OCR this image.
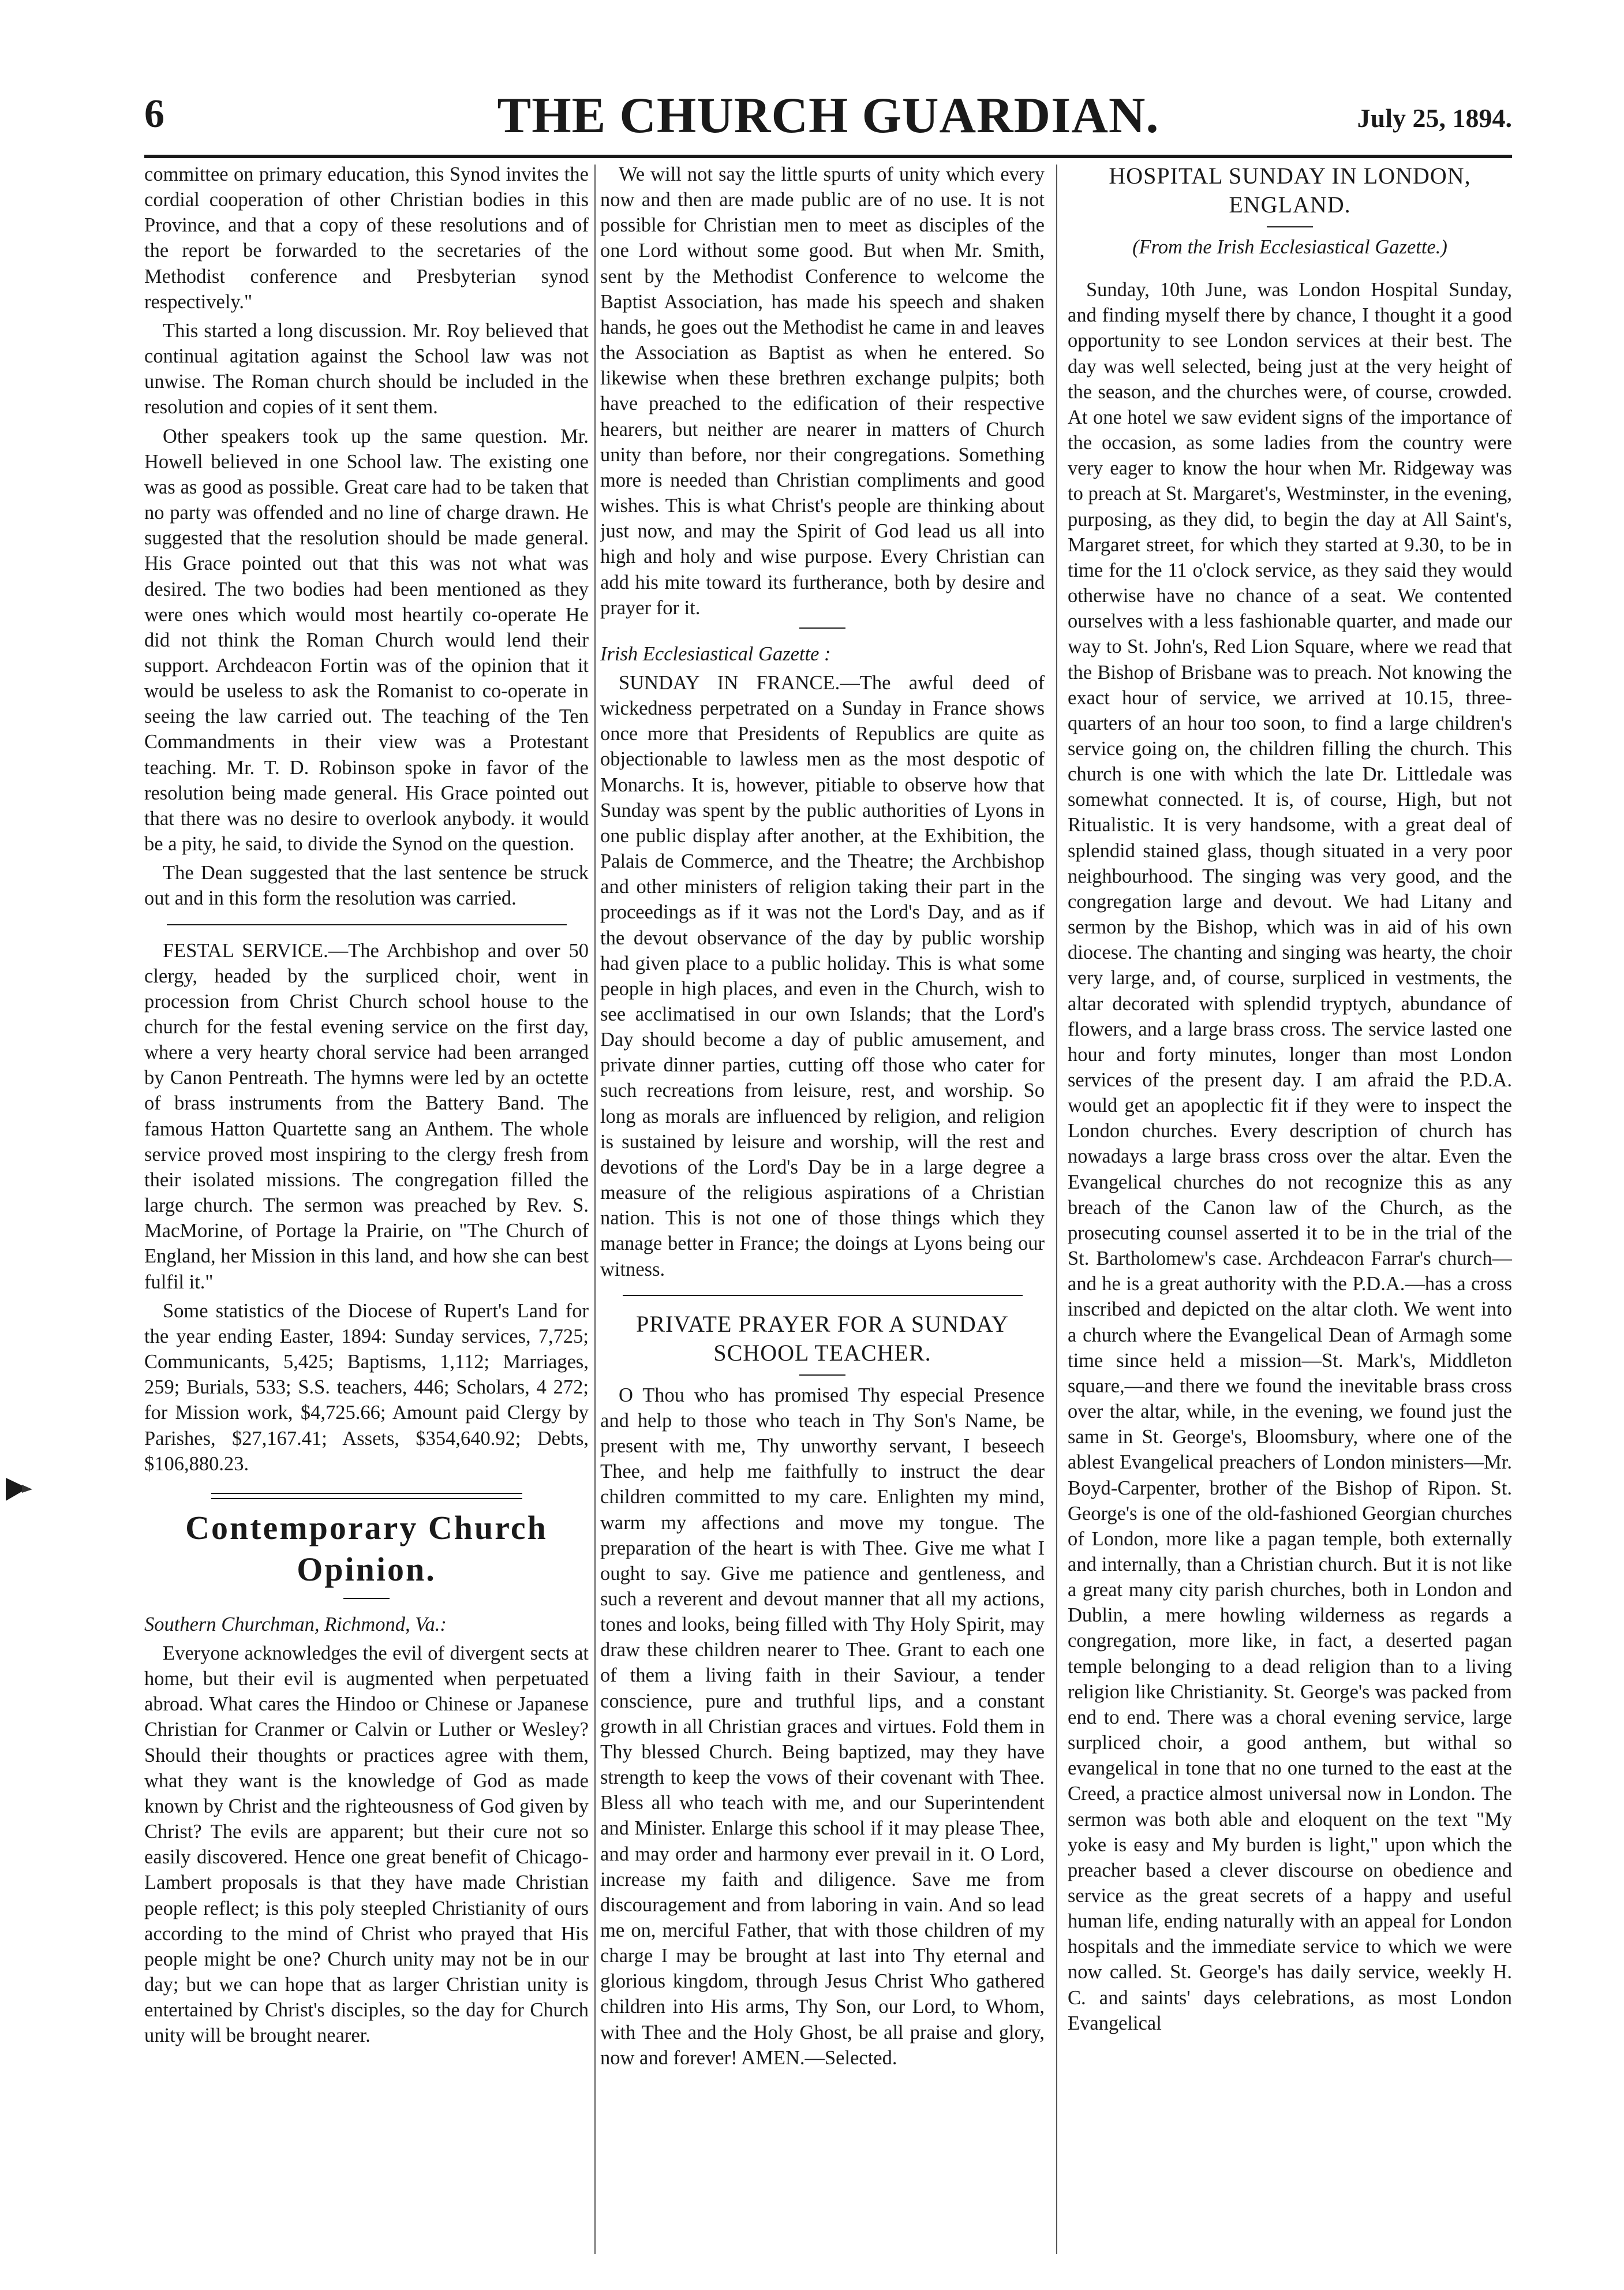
6	THE CHURCH GUARDIAN.	July 25, 1894.

committee on primary education, this Synod invites the cordial cooperation of other Christian bodies in this Province, and that a copy of these resolutions and of the report be forwarded to the secretaries of the Methodist conference and Presbyterian synod respectively."

This started a long discussion. Mr. Roy believed that continual agitation against the School law was not unwise. The Roman church should be included in the resolution and copies of it sent them.

Other speakers took up the same question. Mr. Howell believed in one School law. The existing one was as good as possible. Great care had to be taken that no party was offended and no line of charge drawn. He suggested that the resolution should be made general. His Grace pointed out that this was not what was desired. The two bodies had been mentioned as they were ones which would most heartily co-operate He did not think the Roman Church would lend their support. Archdeacon Fortin was of the opinion that it would be useless to ask the Romanist to co-operate in seeing the law carried out. The teaching of the Ten Commandments in their view was a Protestant teaching. Mr. T. D. Robinson spoke in favor of the resolution being made general. His Grace pointed out that there was no desire to overlook anybody. it would be a pity, he said, to divide the Synod on the question.

The Dean suggested that the last sentence be struck out and in this form the resolution was carried.

FESTAL SERVICE.—The Archbishop and over 50 clergy, headed by the surpliced choir, went in procession from Christ Church school house to the church for the festal evening service on the first day, where a very hearty choral service had been arranged by Canon Pentreath. The hymns were led by an octette of brass instruments from the Battery Band. The famous Hatton Quartette sang an Anthem. The whole service proved most inspiring to the clergy fresh from their isolated missions. The congregation filled the large church. The sermon was preached by Rev. S. MacMorine, of Portage la Prairie, on "The Church of England, her Mission in this land, and how she can best fulfil it."

Some statistics of the Diocese of Rupert's Land for the year ending Easter, 1894: Sunday services, 7,725; Communicants, 5,425; Baptisms, 1,112; Marriages, 259; Burials, 533; S.S. teachers, 446; Scholars, 4 272; for Mission work, $4,725.66; Amount paid Clergy by Parishes, $27,167.41; Assets, $354,640.92; Debts, $106,880.23.

Contemporary Church Opinion.

Southern Churchman, Richmond, Va.:

Everyone acknowledges the evil of divergent sects at home, but their evil is augmented when perpetuated abroad. What cares the Hindoo or Chinese or Japanese Christian for Cranmer or Calvin or Luther or Wesley? Should their thoughts or practices agree with them, what they want is the knowledge of God as made known by Christ and the righteousness of God given by Christ? The evils are apparent; but their cure not so easily discovered. Hence one great benefit of Chicago-Lambert proposals is that they have made Christian people reflect; is this poly steepled Christianity of ours according to the mind of Christ who prayed that His people might be one? Church unity may not be in our day; but we can hope that as larger Christian unity is entertained by Christ's disciples, so the day for Church unity will be brought nearer.

We will not say the little spurts of unity which every now and then are made public are of no use. It is not possible for Christian men to meet as disciples of the one Lord without some good. But when Mr. Smith, sent by the Methodist Conference to welcome the Baptist Association, has made his speech and shaken hands, he goes out the Methodist he came in and leaves the Association as Baptist as when he entered. So likewise when these brethren exchange pulpits; both have preached to the edification of their respective hearers, but neither are nearer in matters of Church unity than before, nor their congregations. Something more is needed than Christian compliments and good wishes. This is what Christ's people are thinking about just now, and may the Spirit of God lead us all into high and holy and wise purpose. Every Christian can add his mite toward its furtherance, both by desire and prayer for it.

Irish Ecclesiastical Gazette :

SUNDAY IN FRANCE.—The awful deed of wickedness perpetrated on a Sunday in France shows once more that Presidents of Republics are quite as objectionable to lawless men as the most despotic of Monarchs. It is, however, pitiable to observe how that Sunday was spent by the public authorities of Lyons in one public display after another, at the Exhibition, the Palais de Commerce, and the Theatre; the Archbishop and other ministers of religion taking their part in the proceedings as if it was not the Lord's Day, and as if the devout observance of the day by public worship had given place to a public holiday. This is what some people in high places, and even in the Church, wish to see acclimatised in our own Islands; that the Lord's Day should become a day of public amusement, and private dinner parties, cutting off those who cater for such recreations from leisure, rest, and worship. So long as morals are influenced by religion, and religion is sustained by leisure and worship, will the rest and devotions of the Lord's Day be in a large degree a measure of the religious aspirations of a Christian nation. This is not one of those things which they manage better in France; the doings at Lyons being our witness.

PRIVATE PRAYER FOR A SUNDAY SCHOOL TEACHER.

O Thou who has promised Thy especial Presence and help to those who teach in Thy Son's Name, be present with me, Thy unworthy servant, I beseech Thee, and help me faithfully to instruct the dear children committed to my care. Enlighten my mind, warm my affections and move my tongue. The preparation of the heart is with Thee. Give me what I ought to say. Give me patience and gentleness, and such a reverent and devout manner that all my actions, tones and looks, being filled with Thy Holy Spirit, may draw these children nearer to Thee. Grant to each one of them a living faith in their Saviour, a tender conscience, pure and truthful lips, and a constant growth in all Christian graces and virtues. Fold them in Thy blessed Church. Being baptized, may they have strength to keep the vows of their covenant with Thee. Bless all who teach with me, and our Superintendent and Minister. Enlarge this school if it may please Thee, and may order and harmony ever prevail in it. O Lord, increase my faith and diligence. Save me from discouragement and from laboring in vain. And so lead me on, merciful Father, that with those children of my charge I may be brought at last into Thy eternal and glorious kingdom, through Jesus Christ Who gathered children into His arms, Thy Son, our Lord, to Whom, with Thee and the Holy Ghost, be all praise and glory, now and forever! AMEN.—Selected.

HOSPITAL SUNDAY IN LONDON, ENGLAND.

(From the Irish Ecclesiastical Gazette.)

Sunday, 10th June, was London Hospital Sunday, and finding myself there by chance, I thought it a good opportunity to see London services at their best. The day was well selected, being just at the very height of the season, and the churches were, of course, crowded. At one hotel we saw evident signs of the importance of the occasion, as some ladies from the country were very eager to know the hour when Mr. Ridgeway was to preach at St. Margaret's, Westminster, in the evening, purposing, as they did, to begin the day at All Saint's, Margaret street, for which they started at 9.30, to be in time for the 11 o'clock service, as they said they would otherwise have no chance of a seat. We contented ourselves with a less fashionable quarter, and made our way to St. John's, Red Lion Square, where we read that the Bishop of Brisbane was to preach. Not knowing the exact hour of service, we arrived at 10.15, three-quarters of an hour too soon, to find a large children's service going on, the children filling the church. This church is one with which the late Dr. Littledale was somewhat connected. It is, of course, High, but not Ritualistic. It is very handsome, with a great deal of splendid stained glass, though situated in a very poor neighbourhood. The singing was very good, and the congregation large and devout. We had Litany and sermon by the Bishop, which was in aid of his own diocese. The chanting and singing was hearty, the choir very large, and, of course, surpliced in vestments, the altar decorated with splendid tryptych, abundance of flowers, and a large brass cross. The service lasted one hour and forty minutes, longer than most London services of the present day. I am afraid the P.D.A. would get an apoplectic fit if they were to inspect the London churches. Every description of church has nowadays a large brass cross over the altar. Even the Evangelical churches do not recognize this as any breach of the Canon law of the Church, as the prosecuting counsel asserted it to be in the trial of the St. Bartholomew's case. Archdeacon Farrar's church—and he is a great authority with the P.D.A.—has a cross inscribed and depicted on the altar cloth. We went into a church where the Evangelical Dean of Armagh some time since held a mission—St. Mark's, Middleton square,—and there we found the inevitable brass cross over the altar, while, in the evening, we found just the same in St. George's, Bloomsbury, where one of the ablest Evangelical preachers of London ministers—Mr. Boyd-Carpenter, brother of the Bishop of Ripon. St. George's is one of the old-fashioned Georgian churches of London, more like a pagan temple, both externally and internally, than a Christian church. But it is not like a great many city parish churches, both in London and Dublin, a mere howling wilderness as regards a congregation, more like, in fact, a deserted pagan temple belonging to a dead religion than to a living religion like Christianity. St. George's was packed from end to end. There was a choral evening service, large surpliced choir, a good anthem, but withal so evangelical in tone that no one turned to the east at the Creed, a practice almost universal now in London. The sermon was both able and eloquent on the text "My yoke is easy and My burden is light," upon which the preacher based a clever discourse on obedience and service as the great secrets of a happy and useful human life, ending naturally with an appeal for London hospitals and the immediate service to which we were now called. St. George's has daily service, weekly H. C. and saints' days celebrations, as most London Evangelical
